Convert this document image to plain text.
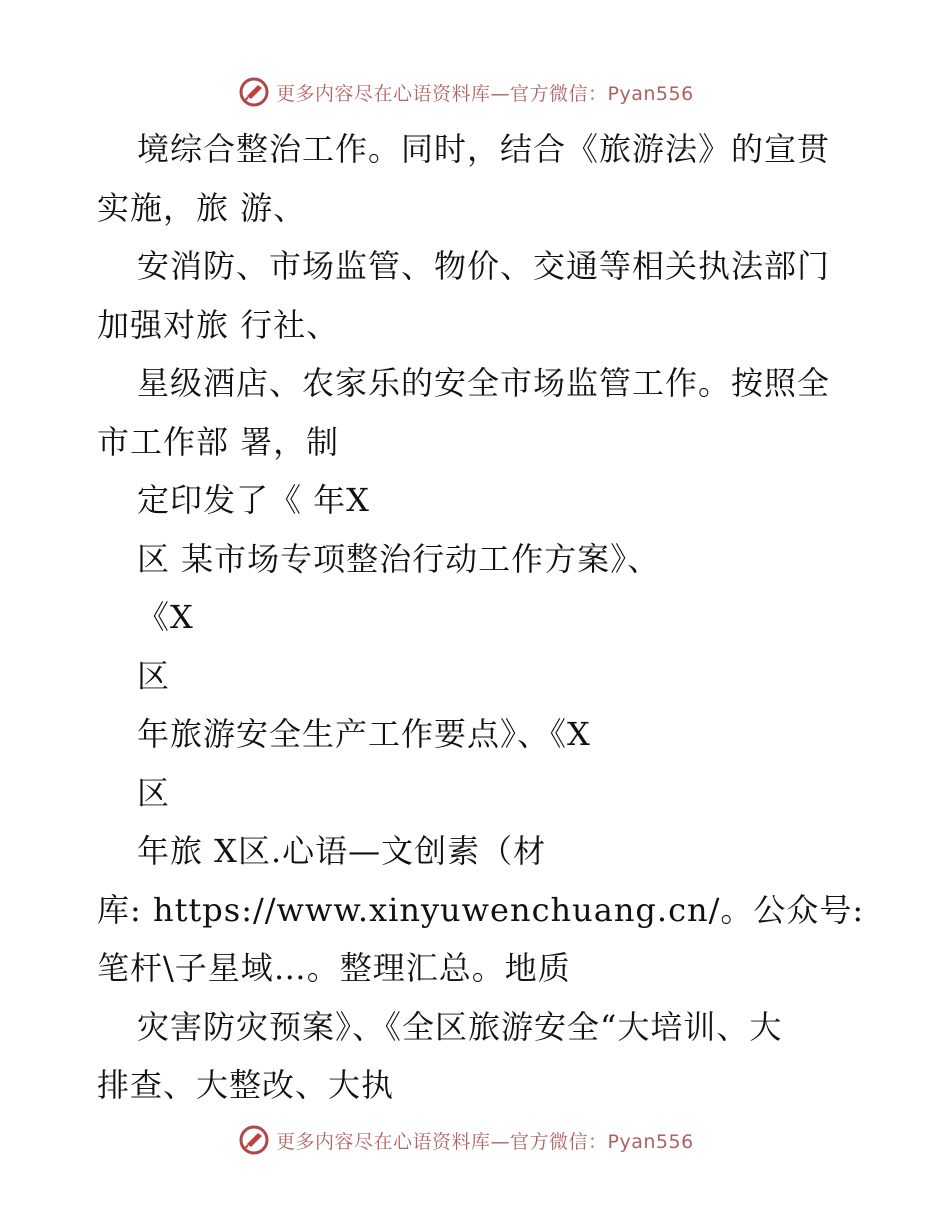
更多内容尽在心语资料库—官方微信：Pyan556
境综合整治工作。同时，结合《旅游法》的宣贯
实施，旅 游、
安消防、市场监管、物价、交通等相关执法部门
加强对旅 行社、
星级酒店、农家乐的安全市场监管工作。按照全
市工作部 署，制
定印发了《 年X
区 某市场专项整治行动工作方案》、
《X
区
年旅游安全生产工作要点》、《X
区
年旅 X区.心语—文创素（材
库: https://www.xinyuwenchuang.cn/。公众号:
笔杆\子星域…。整理汇总。地质
灾害防灾预案》、《全区旅游安全“大培训、大
排查、大整改、大执
更多内容尽在心语资料库—官方微信：Pyan556
